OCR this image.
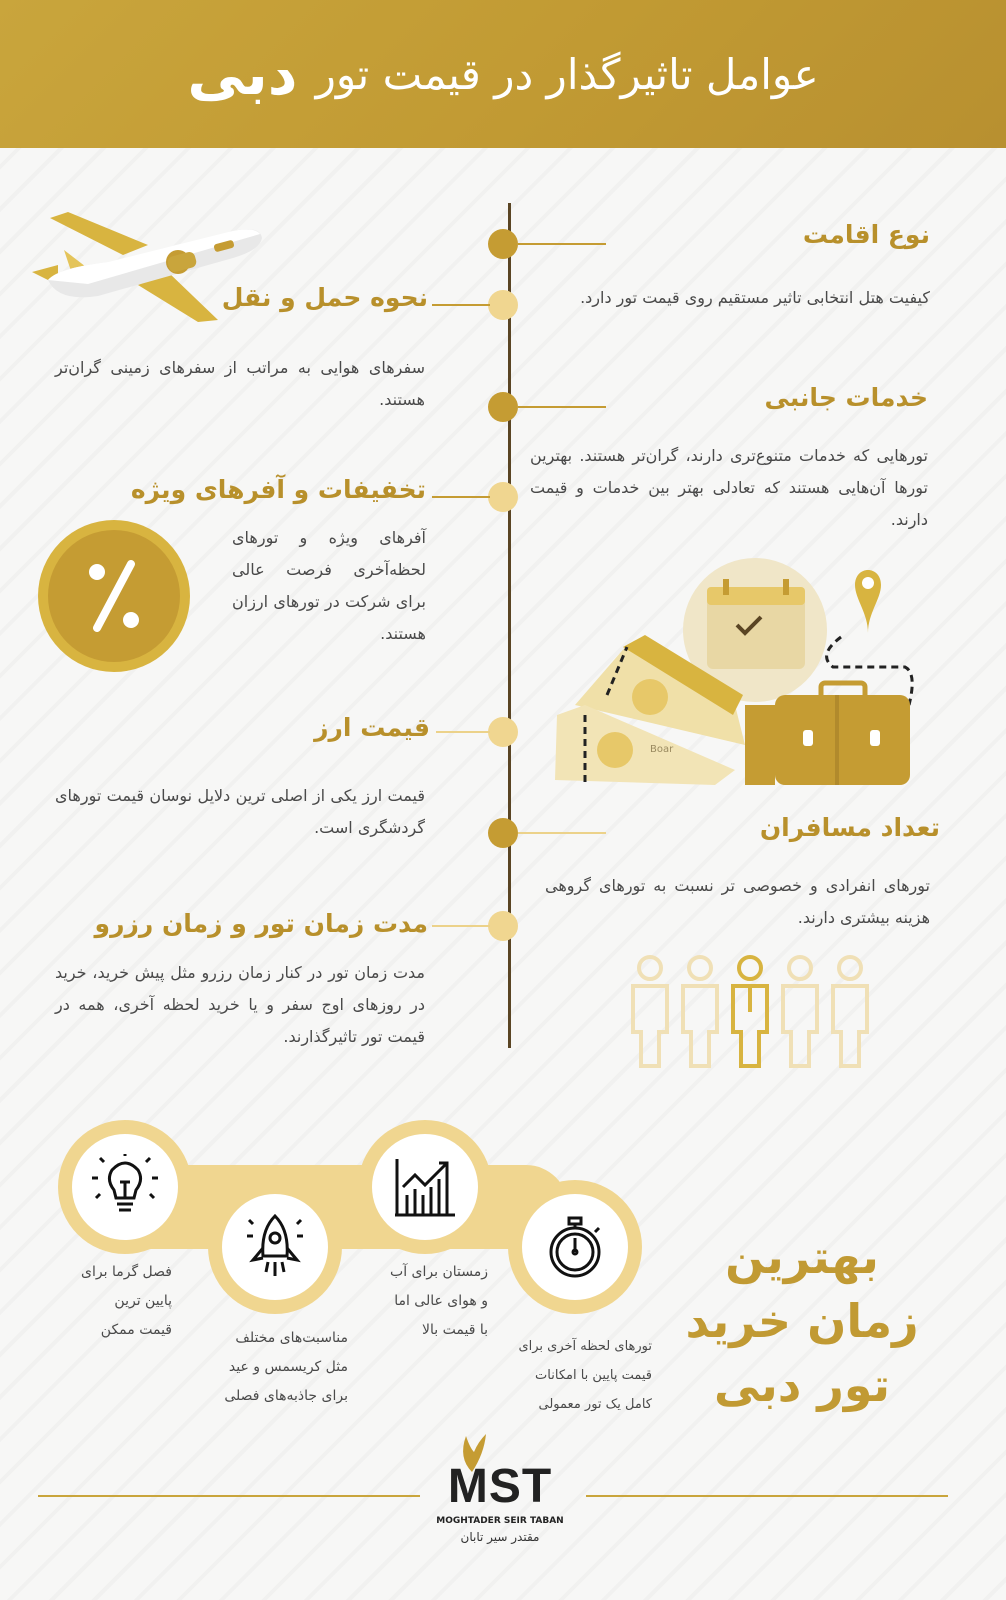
عوامل تاثیرگذار در قیمت تور
دبی
نوع اقامت
کیفیت هتل انتخابی تاثیر مستقیم روی قیمت تور دارد.
نحوه حمل و نقل
سفرهای هوایی به مراتب از سفرهای زمینی گران‌تر هستند.	خدمات جانبی
تورهایی که خدمات متنوع‌تری دارند، گران‌تر هستند. بهترین تورها آن‌هایی هستند که تعادلی بهتر بین خدمات و قیمت دارند.
تخفیفات و آفرهای ویژه
آفرهای ویژه و تورهای لحظه‌آخری فرصت عالی برای شرکت در تورهای ارزان هستند.
Boar
قیمت ارز
قیمت ارز یکی از اصلی ترین دلایل نوسان قیمت تورهای گردشگری است.	تعداد مسافران
تورهای انفرادی و خصوصی تر نسبت به تورهای گروهی هزینه بیشتری دارند.
مدت زمان تور و زمان رزرو
مدت زمان تور در کنار زمان رزرو مثل پیش خرید، خرید در روزهای اوج سفر و یا خرید لحظه آخری، همه در قیمت تور تاثیرگذارند.
فصل گرما برای
پایین ترین
قیمت ممکن	مناسبت‌های مختلف
مثل کریسمس و عید
برای جاذبه‌های فصلی
زمستان برای آب
و هوای عالی اما
با قیمت بالا
تورهای لحظه آخری برای
قیمت پایین با امکانات
کامل یک تور معمولی
بهترین
زمان خرید
تور دبی
MST
MOGHTADER SEIR TABAN
مقتدر سیر تابان
